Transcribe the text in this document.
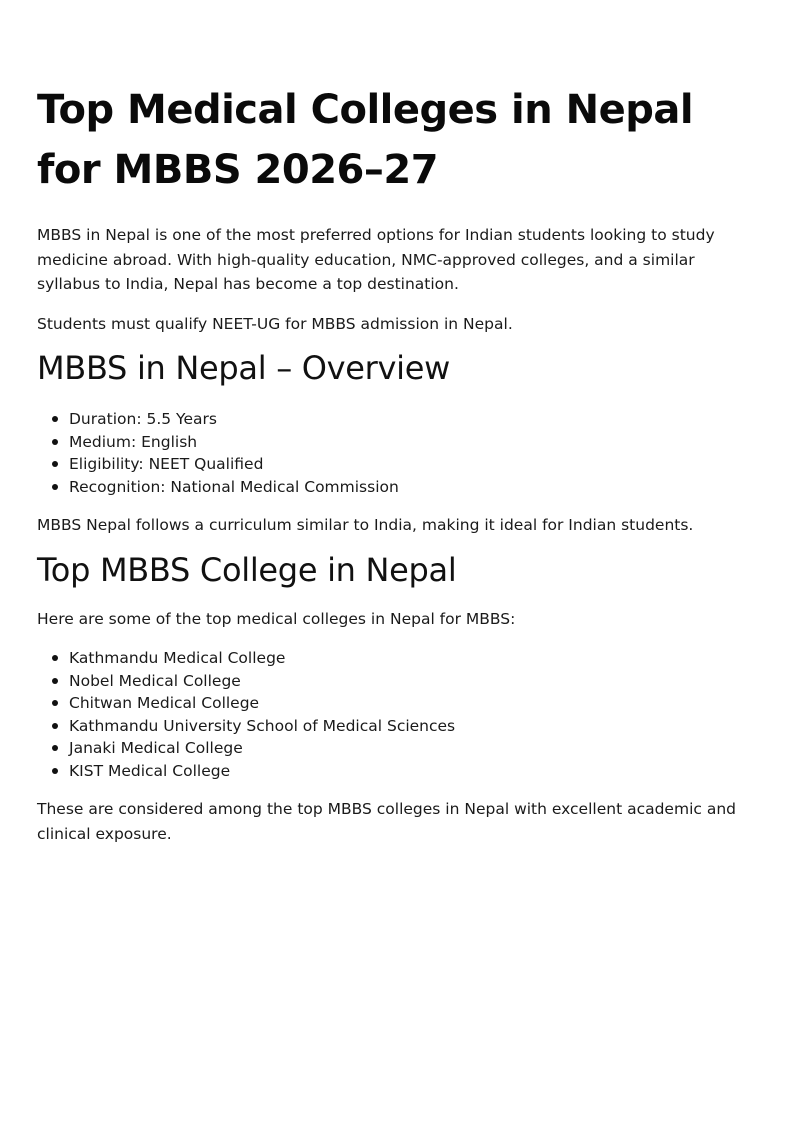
Top Medical Colleges in Nepal for MBBS 2026–27

MBBS in Nepal is one of the most preferred options for Indian students looking to study medicine abroad. With high-quality education, NMC-approved colleges, and a similar syllabus to India, Nepal has become a top destination.

Students must qualify NEET-UG for MBBS admission in Nepal.

MBBS in Nepal – Overview
Duration: 5.5 Years
Medium: English
Eligibility: NEET Qualified
Recognition: National Medical Commission

MBBS Nepal follows a curriculum similar to India, making it ideal for Indian students.

Top MBBS College in Nepal

Here are some of the top medical colleges in Nepal for MBBS:

Kathmandu Medical College
Nobel Medical College
Chitwan Medical College
Kathmandu University School of Medical Sciences
Janaki Medical College
KIST Medical College

These are considered among the top MBBS colleges in Nepal with excellent academic and clinical exposure.
